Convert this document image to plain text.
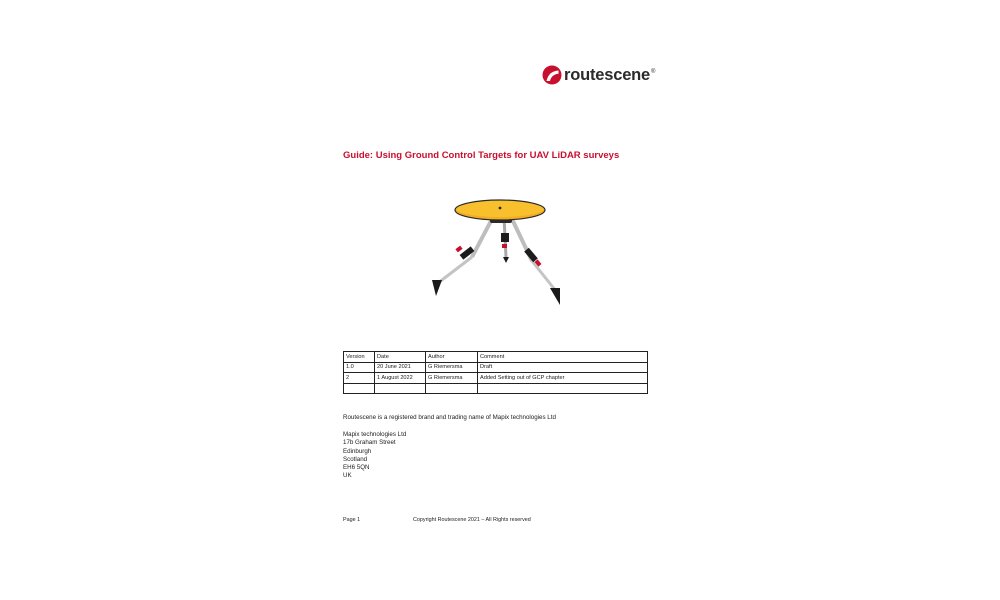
routescene ®
Guide: Using Ground Control Targets for UAV LiDAR surveys
Version	Date	Author	Comment
1.0	20 June 2021	G Riemersma	Draft
2	1 August 2022	G Riemersma	Added Setting out of GCP chapter

Routescene is a registered brand and trading name of Mapix technologies Ltd
Mapix technologies Ltd
17b Graham Street
Edinburgh
Scotland
EH6 5QN
UK
Page 1	Copyright Routescene 2021 – All Rights reserved
